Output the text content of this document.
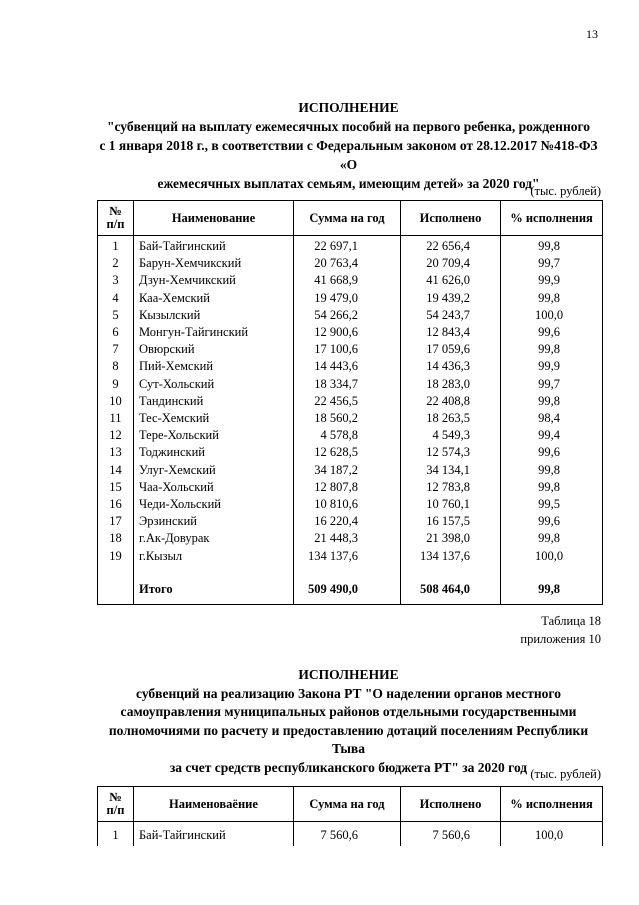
13
ИСПОЛНЕНИЕ
"субвенций на выплату ежемесячных пособий на первого ребенка, рожденного
с 1 января 2018 г., в соответствии с Федеральным законом от 28.12.2017 №418-ФЗ «О
ежемесячных выплатах семьям, имеющим детей» за 2020 год"
(тыс. рублей)
№
п/п	Наименование	Сумма на год	Исполнено	% исполнения
1	Бай-Тайгинский	22 697,1	22 656,4	99,8
2	Барун-Хемчикский	20 763,4	20 709,4	99,7
3	Дзун-Хемчикский	41 668,9	41 626,0	99,9
4	Каа-Хемский	19 479,0	19 439,2	99,8
5	Кызылский	54 266,2	54 243,7	100,0
6	Монгун-Тайгинский	12 900,6	12 843,4	99,6
7	Овюрский	17 100,6	17 059,6	99,8
8	Пий-Хемский	14 443,6	14 436,3	99,9
9	Сут-Хольский	18 334,7	18 283,0	99,7
10	Тандинский	22 456,5	22 408,8	99,8
11	Тес-Хемский	18 560,2	18 263,5	98,4
12	Тере-Хольский	4 578,8	4 549,3	99,4
13	Тоджинский	12 628,5	12 574,3	99,6
14	Улуг-Хемский	34 187,2	34 134,1	99,8
15	Чаа-Хольский	12 807,8	12 783,8	99,8
16	Чеди-Хольский	10 810,6	10 760,1	99,5
17	Эрзинский	16 220,4	16 157,5	99,6
18	г.Ак-Довурак	21 448,3	21 398,0	99,8
19	г.Кызыл	134 137,6	134 137,6	100,0

	Итого	509 490,0	508 464,0	99,8
Таблица 18
приложения 10
ИСПОЛНЕНИЕ
субвенций на реализацию Закона РТ "О наделении органов местного
самоуправления муниципальных районов отдельными государственными
полномочиями по расчету и предоставлению дотаций поселениям Республики Тыва
за счет средств республиканского бюджета РТ" за 2020 год (тыс. рублей)
№
п/п	Наименоваёние	Сумма на год	Исполнено	% исполнения
1	Бай-Тайгинский	7 560,6	7 560,6	100,0
